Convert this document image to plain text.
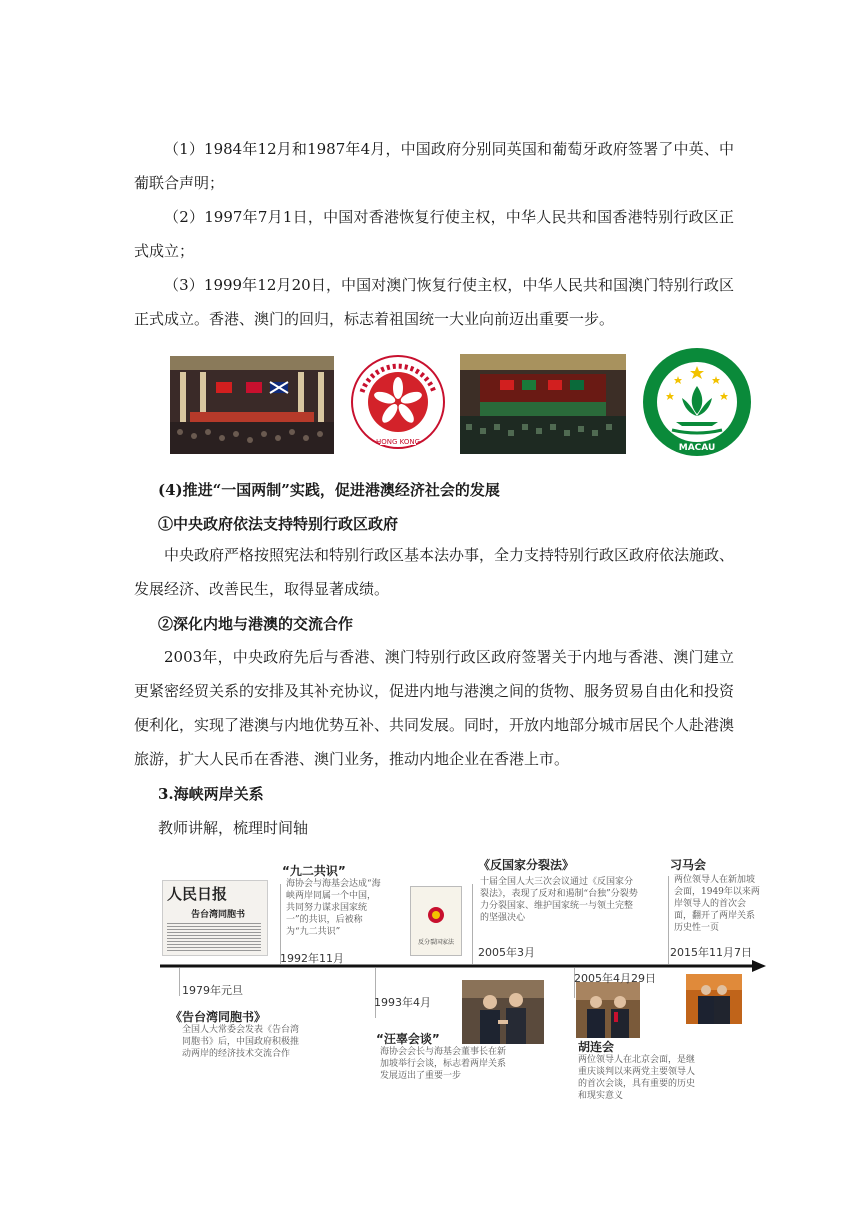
（1）1984年12月和1987年4月，中国政府分别同英国和葡萄牙政府签署了中英、中葡联合声明；

（2）1997年7月1日，中国对香港恢复行使主权，中华人民共和国香港特别行政区正式成立；

（3）1999年12月20日，中国对澳门恢复行使主权，中华人民共和国澳门特别行政区正式成立。香港、澳门的回归，标志着祖国统一大业向前迈出重要一步。

HONG KONG
MACAU
(4)推进“一国两制”实践，促进港澳经济社会的发展
①中央政府依法支持特别行政区政府

中央政府严格按照宪法和特别行政区基本法办事，全力支持特别行政区政府依法施政、发展经济、改善民生，取得显著成绩。

②深化内地与港澳的交流合作

2003年，中央政府先后与香港、澳门特别行政区政府签署关于内地与香港、澳门建立更紧密经贸关系的安排及其补充协议，促进内地与港澳之间的货物、服务贸易自由化和投资便利化，实现了港澳与内地优势互补、共同发展。同时，开放内地部分城市居民个人赴港澳旅游，扩大人民币在香港、澳门业务，推动内地企业在香港上市。

3.海峡两岸关系
教师讲解，梳理时间轴
人民日报
告台湾同胞书
反分裂国家法
1979年元旦
《告台湾同胞书》
全国人大常委会发表《告台湾同胞书》后，中国政府积极推动两岸的经济技术交流合作
“九二共识”
海协会与海基会达成“海峡两岸同属一个中国，共同努力谋求国家统一”的共识，后被称为“九二共识”
1992年11月
1993年4月
“汪辜会谈”
海协会会长与海基会董事长在新加坡举行会谈，标志着两岸关系发展迈出了重要一步
《反国家分裂法》
十届全国人大三次会议通过《反国家分裂法》，表现了反对和遏制“台独”分裂势力分裂国家、维护国家统一与领土完整的坚强决心
2005年3月
2005年4月29日
胡连会
两位领导人在北京会面，是继重庆谈判以来两党主要领导人的首次会谈，具有重要的历史和现实意义
习马会
两位领导人在新加坡会面，1949年以来两岸领导人的首次会面，翻开了两岸关系历史性一页
2015年11月7日
